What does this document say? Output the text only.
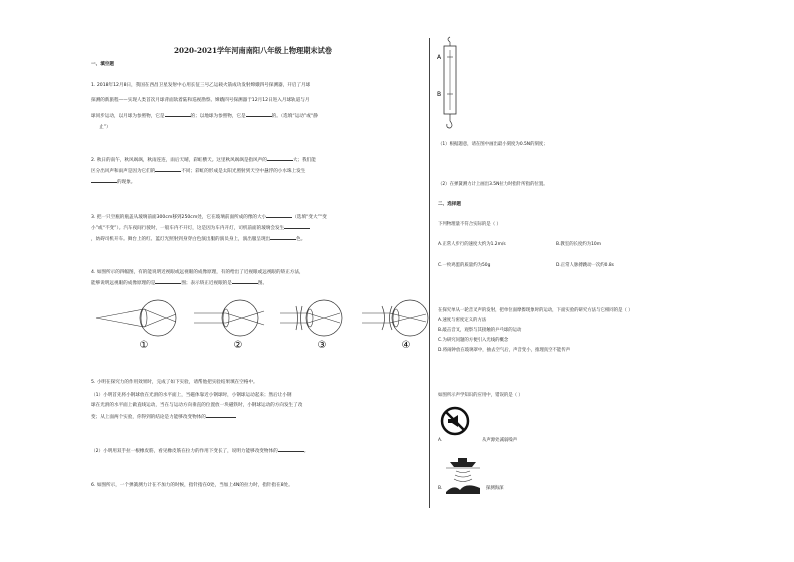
2020-2021学年河南南阳八年级上物理期末试卷
一、填空题
1. 2018年12月8日，我国在西昌卫星发射中心用长征三号乙运载火箭成功发射嫦娥四号探测器，开启了月球
探测的新旅程——实现人类首次月球背面软着陆和巡视勘察。嫦娥四号探测器于12月12日进入月球轨道与月
球同步运动，以月球为参照物，它是	的；以地球为参照物，它是	的。（选填“运动”或“静
止”）
2. 秋日的南午，秋风飒飒，秋雨连连，雨后天晴，彩虹横天。这里秋风飒飒是指风声的	大；我们能
区分出风声和雨声是因为它们的	不同；彩虹的形成是太阳光照射到天空中悬浮的小水珠上发生
的现象。
3. 把一只空瓶的瓶盖从玻璃前面300cm移到250cm处，它在玻璃前面所成的像的大小	（选填“变大”“变
小”或“不变”）。汽车夜间行驶时，一般车内不开灯，这是因为车内开灯，司机前面的玻璃会发生
，妨碍司机开车。舞台上的红、蓝灯光照射到身穿白色演出服的演员身上，演出服呈现出	色。
4. 如图所示的四幅图，有的能说明近视眼或远视眼的成像原理，有的给出了近视眼或远视眼的矫正方法，
能够说明远视眼的成像原理的是	图；表示矫正近视眼的是	图。
①	②	③	④
5. 小明在探究力的作用效果时，完成了如下实验，请帮他把实验结果填在空格中。
（1）小明首先将小钢球放在光滑的水平面上，当磁体靠近小钢球时，小钢球运动起来；然后让小钢
球在光滑的水平面上做直线运动，当在与运动方向垂直的位置放一块磁铁时，小钢球运动的方向发生了改
变；从上面两个实验，你得到的结论是力能够改变物体的
（2）小明用双手拉一根橡皮筋，看见橡皮筋在拉力的作用下变长了，说明力能够改变物体的	。
6. 如图所示，一个弹簧测力计在不加力的时候，指针指在0处，当加上4N的拉力时，指针指在8处。
A
B
（1）根据题意，请在图中画出最小刻度为0.5N的刻度；
（2）在弹簧测力计上画出3.5N拉力时指针所指的位置。
二、选择题
下列物理量不符合实际的是（ ）
A.正常人步行的速度大约为1.2m/s	B.教室的长度约为10m
C.一枚鸡蛋的质量约为50g	D.正常人脉搏跳动一次约0.8s
在探究单从一轮音叉声的发射，把单位面摩擦现象时的运动，下面实验的研究方法与它相同的是（ ）
A.速度与密度定义的方法
B.敲击音叉，观察与其接触的乒乓球的运动
C.为研究问题的方便引入光线的概念
D.将闹钟放在玻璃罩中，抽去空气后，声音变小，推理真空不能传声
如图所示声学知识的应用中，错误的是（ ）
A.	从声源处减弱噪声
B.	探测海深
